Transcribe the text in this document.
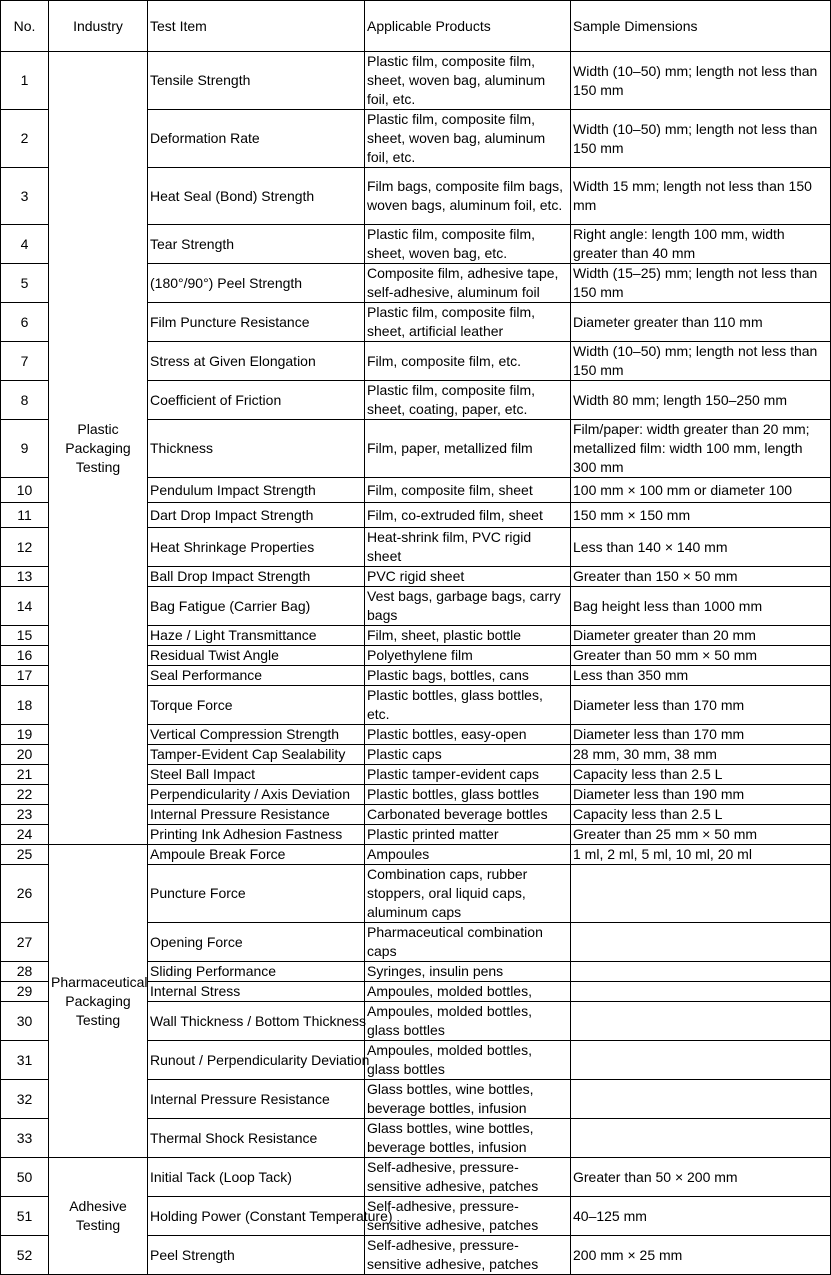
No.	Industry	Test Item	Applicable Products	Sample Dimensions
1	Plastic Packaging Testing	Tensile Strength	Plastic film, composite film, sheet, woven bag, aluminum foil, etc.	Width (10–50) mm; length not less than 150 mm
2		Deformation Rate	Plastic film, composite film, sheet, woven bag, aluminum foil, etc.	Width (10–50) mm; length not less than 150 mm
3		Heat Seal (Bond) Strength	Film bags, composite film bags, woven bags, aluminum foil, etc.	Width 15 mm; length not less than 150 mm
4		Tear Strength	Plastic film, composite film, sheet, woven bag, etc.	Right angle: length 100 mm, width greater than 40 mm
5		(180°/90°) Peel Strength	Composite film, adhesive tape, self-adhesive, aluminum foil	Width (15–25) mm; length not less than 150 mm
6		Film Puncture Resistance	Plastic film, composite film, sheet, artificial leather	Diameter greater than 110 mm
7		Stress at Given Elongation	Film, composite film, etc.	Width (10–50) mm; length not less than 150 mm
8		Coefficient of Friction	Plastic film, composite film, sheet, coating, paper, etc.	Width 80 mm; length 150–250 mm
9		Thickness	Film, paper, metallized film	Film/paper: width greater than 20 mm; metallized film: width 100 mm, length 300 mm
10		Pendulum Impact Strength	Film, composite film, sheet	100 mm × 100 mm or diameter 100
11		Dart Drop Impact Strength	Film, co-extruded film, sheet	150 mm × 150 mm
12		Heat Shrinkage Properties	Heat-shrink film, PVC rigid sheet	Less than 140 × 140 mm
13		Ball Drop Impact Strength	PVC rigid sheet	Greater than 150 × 50 mm
14		Bag Fatigue (Carrier Bag)	Vest bags, garbage bags, carry bags	Bag height less than 1000 mm
15		Haze / Light Transmittance	Film, sheet, plastic bottle	Diameter greater than 20 mm
16		Residual Twist Angle	Polyethylene film	Greater than 50 mm × 50 mm
17		Seal Performance	Plastic bags, bottles, cans	Less than 350 mm
18		Torque Force	Plastic bottles, glass bottles, etc.	Diameter less than 170 mm
19		Vertical Compression Strength	Plastic bottles, easy-open	Diameter less than 170 mm
20		Tamper-Evident Cap Sealability	Plastic caps	28 mm, 30 mm, 38 mm
21		Steel Ball Impact	Plastic tamper-evident caps	Capacity less than 2.5 L
22		Perpendicularity / Axis Deviation	Plastic bottles, glass bottles	Diameter less than 190 mm
23		Internal Pressure Resistance	Carbonated beverage bottles	Capacity less than 2.5 L
24		Printing Ink Adhesion Fastness	Plastic printed matter	Greater than 25 mm × 50 mm
25	Pharmaceutical Packaging Testing	Ampoule Break Force	Ampoules	1 ml, 2 ml, 5 ml, 10 ml, 20 ml
26		Puncture Force	Combination caps, rubber stoppers, oral liquid caps, aluminum caps	
27		Opening Force	Pharmaceutical combination caps	
28		Sliding Performance	Syringes, insulin pens	
29		Internal Stress	Ampoules, molded bottles,	
30		Wall Thickness / Bottom Thickness	Ampoules, molded bottles, glass bottles	
31		Runout / Perpendicularity Deviation	Ampoules, molded bottles, glass bottles	
32		Internal Pressure Resistance	Glass bottles, wine bottles, beverage bottles, infusion	
33		Thermal Shock Resistance	Glass bottles, wine bottles, beverage bottles, infusion	
50	Adhesive Testing	Initial Tack (Loop Tack)	Self-adhesive, pressure-sensitive adhesive, patches	Greater than 50 × 200 mm
51		Holding Power (Constant Temperature)	Self-adhesive, pressure-sensitive adhesive, patches	40–125 mm
52		Peel Strength	Self-adhesive, pressure-sensitive adhesive, patches	200 mm × 25 mm
